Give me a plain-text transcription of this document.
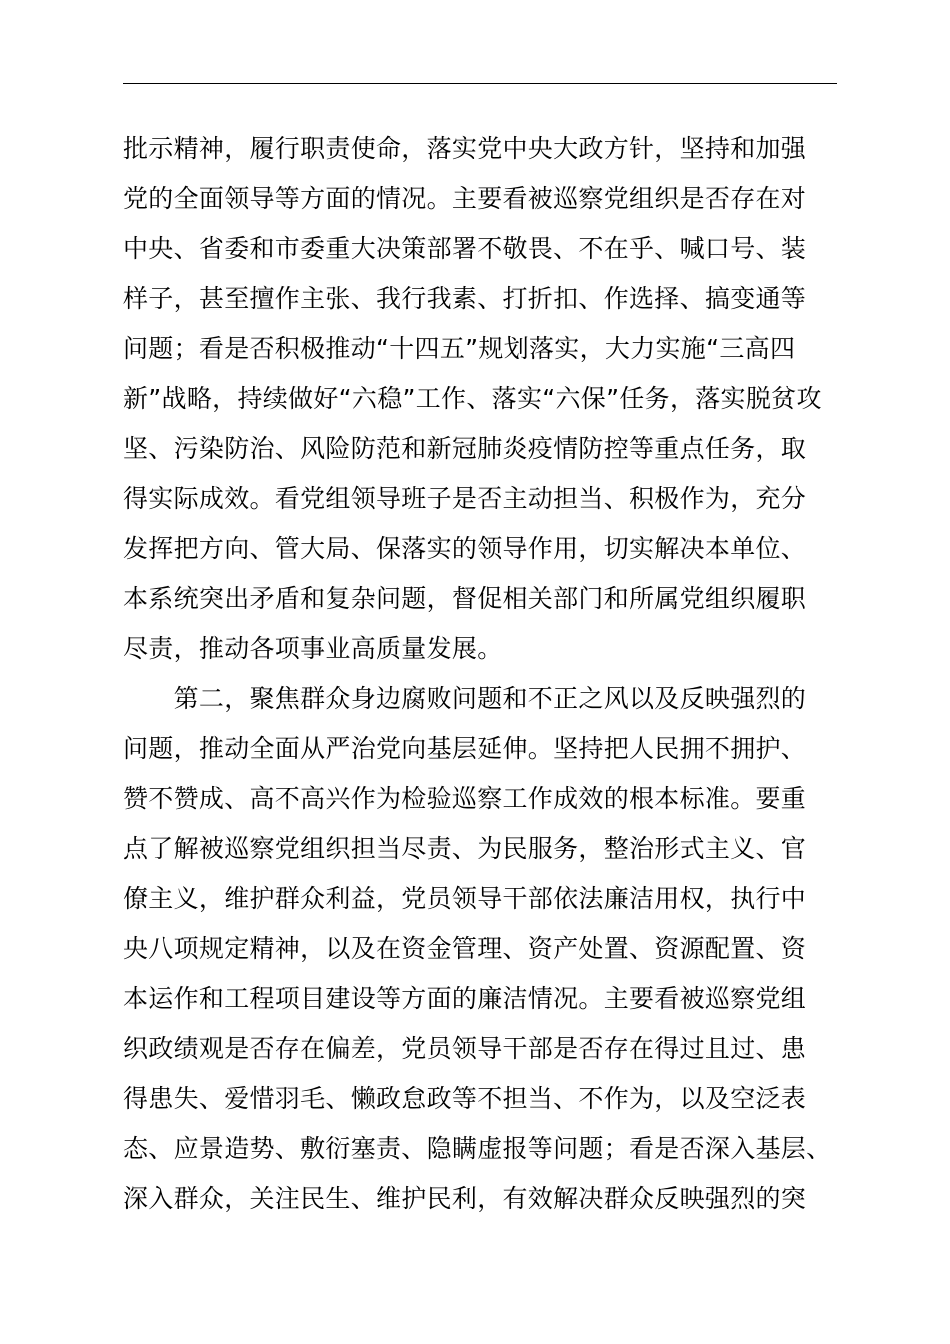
批示精神，履行职责使命，落实党中央大政方针，坚持和加强
党的全面领导等方面的情况。主要看被巡察党组织是否存在对
中央、省委和市委重大决策部署不敬畏、不在乎、喊口号、装
样子，甚至擅作主张、我行我素、打折扣、作选择、搞变通等
问题；看是否积极推动“十四五”规划落实，大力实施“三高四
新”战略，持续做好“六稳”工作、落实“六保”任务，落实脱贫攻
坚、污染防治、风险防范和新冠肺炎疫情防控等重点任务，取
得实际成效。看党组领导班子是否主动担当、积极作为，充分
发挥把方向、管大局、保落实的领导作用，切实解决本单位、
本系统突出矛盾和复杂问题，督促相关部门和所属党组织履职
尽责，推动各项事业高质量发展。
　　第二，聚焦群众身边腐败问题和不正之风以及反映强烈的
问题，推动全面从严治党向基层延伸。坚持把人民拥不拥护、
赞不赞成、高不高兴作为检验巡察工作成效的根本标准。要重
点了解被巡察党组织担当尽责、为民服务，整治形式主义、官
僚主义，维护群众利益，党员领导干部依法廉洁用权，执行中
央八项规定精神，以及在资金管理、资产处置、资源配置、资
本运作和工程项目建设等方面的廉洁情况。主要看被巡察党组
织政绩观是否存在偏差，党员领导干部是否存在得过且过、患
得患失、爱惜羽毛、懒政怠政等不担当、不作为，以及空泛表
态、应景造势、敷衍塞责、隐瞒虚报等问题；看是否深入基层、
深入群众，关注民生、维护民利，有效解决群众反映强烈的突
